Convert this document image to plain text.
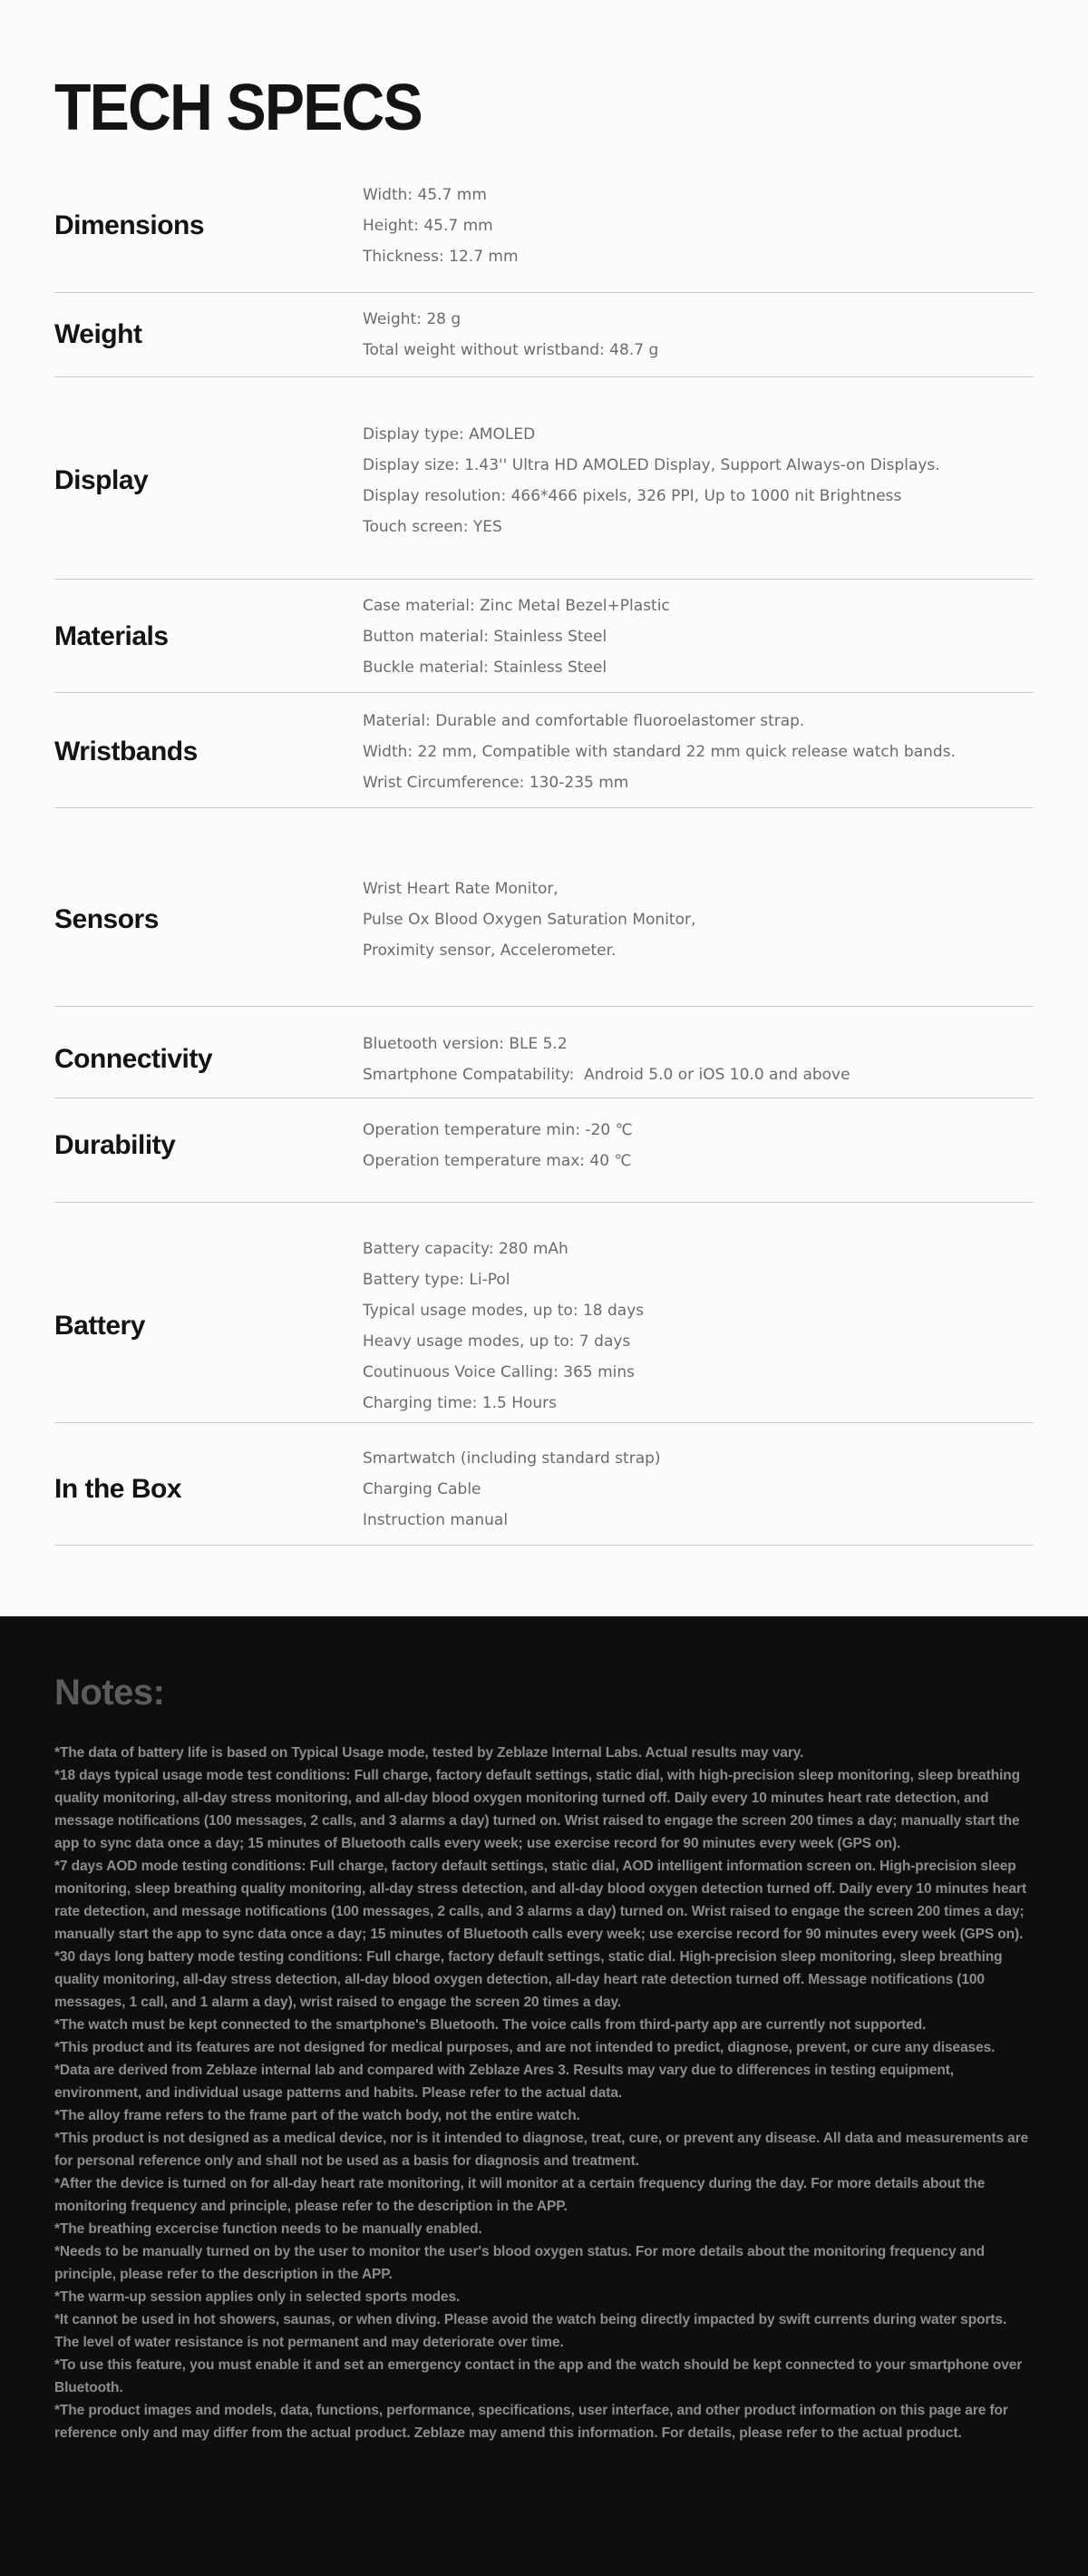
TECH SPECS
Dimensions
Width: 45.7 mm
Height: 45.7 mm
Thickness: 12.7 mm
Weight	Weight: 28 g
Total weight without wristband: 48.7 g
Display
Display type: AMOLED
Display size: 1.43'' Ultra HD AMOLED Display, Support Always-on Displays.
Display resolution: 466*466 pixels, 326 PPI, Up to 1000 nit Brightness
Touch screen: YES
Materials
Case material: Zinc Metal Bezel+Plastic
Button material: Stainless Steel
Buckle material: Stainless Steel
Wristbands
Material: Durable and comfortable fluoroelastomer strap.
Width: 22 mm, Compatible with standard 22 mm quick release watch bands.
Wrist Circumference: 130-235 mm
Sensors
Wrist Heart Rate Monitor,
Pulse Ox Blood Oxygen Saturation Monitor,
Proximity sensor, Accelerometer.
Connectivity	Bluetooth version: BLE 5.2
Smartphone Compatability:  Android 5.0 or iOS 10.0 and above
Durability	Operation temperature min: -20 ℃
Operation temperature max: 40 ℃
Battery
Battery capacity: 280 mAh
Battery type: Li-Pol
Typical usage modes, up to: 18 days
Heavy usage modes, up to: 7 days
Coutinuous Voice Calling: 365 mins
Charging time: 1.5 Hours
In the Box
Smartwatch (including standard strap)
Charging Cable
Instruction manual
Notes:
*The data of battery life is based on Typical Usage mode, tested by Zeblaze Internal Labs. Actual results may vary.
*18 days typical usage mode test conditions: Full charge, factory default settings, static dial, with high-precision sleep monitoring, sleep breathing quality monitoring, all-day stress monitoring, and all-day blood oxygen monitoring turned off. Daily every 10 minutes heart rate detection, and message notifications (100 messages, 2 calls, and 3 alarms a day) turned on. Wrist raised to engage the screen 200 times a day; manually start the app to sync data once a day; 15 minutes of Bluetooth calls every week; use exercise record for 90 minutes every week (GPS on).
*7 days AOD mode testing conditions: Full charge, factory default settings, static dial, AOD intelligent information screen on. High-precision sleep monitoring, sleep breathing quality monitoring, all-day stress detection, and all-day blood oxygen detection turned off. Daily every 10 minutes heart rate detection, and message notifications (100 messages, 2 calls, and 3 alarms a day) turned on. Wrist raised to engage the screen 200 times a day; manually start the app to sync data once a day; 15 minutes of Bluetooth calls every week; use exercise record for 90 minutes every week (GPS on).
*30 days long battery mode testing conditions: Full charge, factory default settings, static dial. High-precision sleep monitoring, sleep breathing quality monitoring, all-day stress detection, all-day blood oxygen detection, all-day heart rate detection turned off. Message notifications (100 messages, 1 call, and 1 alarm a day), wrist raised to engage the screen 20 times a day.
*The watch must be kept connected to the smartphone's Bluetooth. The voice calls from third-party app are currently not supported.
*This product and its features are not designed for medical purposes, and are not intended to predict, diagnose, prevent, or cure any diseases.
*Data are derived from Zeblaze internal lab and compared with Zeblaze Ares 3. Results may vary due to differences in testing equipment, environment, and individual usage patterns and habits. Please refer to the actual data.
*The alloy frame refers to the frame part of the watch body, not the entire watch.
*This product is not designed as a medical device, nor is it intended to diagnose, treat, cure, or prevent any disease. All data and measurements are for personal reference only and shall not be used as a basis for diagnosis and treatment.
*After the device is turned on for all-day heart rate monitoring, it will monitor at a certain frequency during the day. For more details about the monitoring frequency and principle, please refer to the description in the APP.
*The breathing excercise function needs to be manually enabled.
*Needs to be manually turned on by the user to monitor the user's blood oxygen status. For more details about the monitoring frequency and principle, please refer to the description in the APP.
*The warm-up session applies only in selected sports modes.
*It cannot be used in hot showers, saunas, or when diving. Please avoid the watch being directly impacted by swift currents during water sports. The level of water resistance is not permanent and may deteriorate over time.
*To use this feature, you must enable it and set an emergency contact in the app and the watch should be kept connected to your smartphone over Bluetooth.
*The product images and models, data, functions, performance, specifications, user interface, and other product information on this page are for reference only and may differ from the actual product. Zeblaze may amend this information. For details, please refer to the actual product.
